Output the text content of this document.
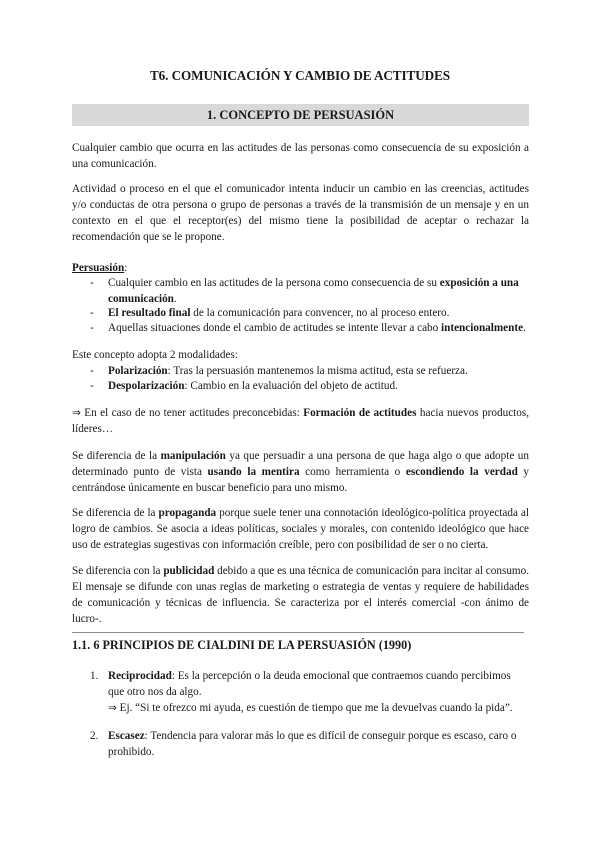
T6. COMUNICACIÓN Y CAMBIO DE ACTITUDES
1. CONCEPTO DE PERSUASIÓN

Cualquier cambio que ocurra en las actitudes de las personas como consecuencia de su exposición a una comunicación.

Actividad o proceso en el que el comunicador intenta inducir un cambio en las creencias, actitudes y/o conductas de otra persona o grupo de personas a través de la transmisión de un mensaje y en un contexto en el que el receptor(es) del mismo tiene la posibilidad de aceptar o rechazar la recomendación que se le propone.

Persuasión:

- Cualquier cambio en las actitudes de la persona como consecuencia de su exposición a una comunicación.

- El resultado final de la comunicación para convencer, no al proceso entero.

- Aquellas situaciones donde el cambio de actitudes se intente llevar a cabo intencionalmente.

Este concepto adopta 2 modalidades:

- Polarización: Tras la persuasión mantenemos la misma actitud, esta se refuerza.

- Despolarización: Cambio en la evaluación del objeto de actitud.

⇒ En el caso de no tener actitudes preconcebidas: Formación de actitudes hacia nuevos productos, líderes…

Se diferencia de la manipulación ya que persuadir a una persona de que haga algo o que adopte un determinado punto de vista usando la mentira como herramienta o escondiendo la verdad y centrándose únicamente en buscar beneficio para uno mismo.

Se diferencia de la propaganda porque suele tener una connotación ideológico-política proyectada al logro de cambios. Se asocia a ideas políticas, sociales y morales, con contenido ideológico que hace uso de estrategias sugestivas con información creíble, pero con posibilidad de ser o no cierta.

Se diferencia con la publicidad debido a que es una técnica de comunicación para incitar al consumo. El mensaje se difunde con unas reglas de marketing o estrategia de ventas y requiere de habilidades de comunicación y técnicas de influencia. Se caracteriza por el interés comercial -con ánimo de lucro-.

1.1. 6 PRINCIPIOS DE CIALDINI DE LA PERSUASIÓN (1990)
1. Reciprocidad: Es la percepción o la deuda emocional que contraemos cuando percibimos que otro nos da algo.

⇒ Ej. “Si te ofrezco mi ayuda, es cuestión de tiempo que me la devuelvas cuando la pida”.

2. Escasez: Tendencia para valorar más lo que es difícil de conseguir porque es escaso, caro o prohibido.
